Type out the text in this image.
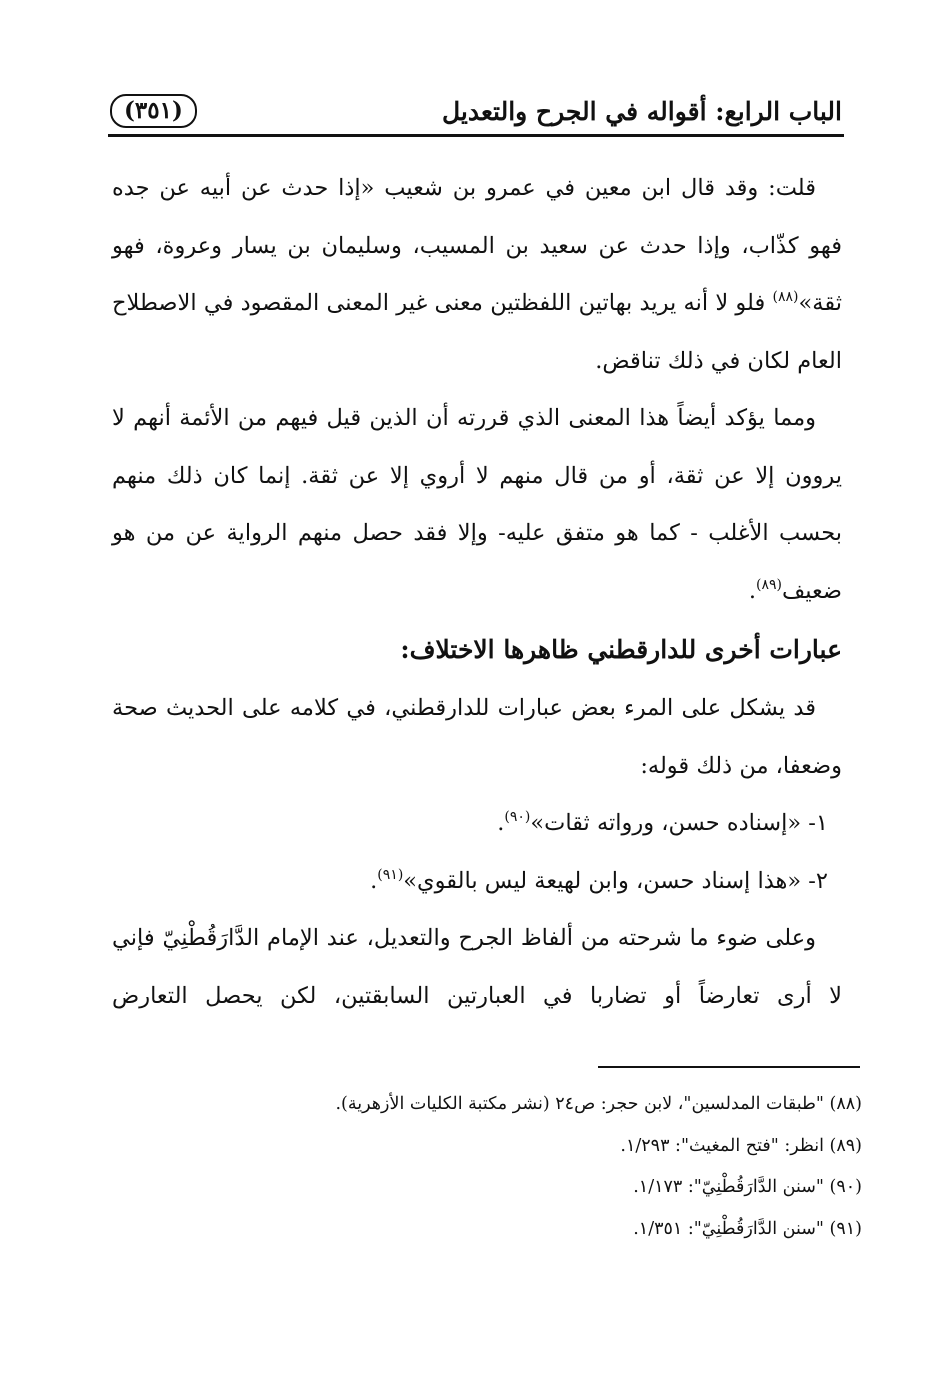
الباب الرابع: أقواله في الجرح والتعديل
(٣٥١)

قلت: وقد قال ابن معين في عمرو بن شعيب «إذا حدث عن أبيه عن جده فهو كذّاب، وإذا حدث عن سعيد بن المسيب، وسليمان بن يسار وعروة، فهو ثقة»$^{(٨٨)}$ فلو لا أنه يريد بهاتين اللفظتين معنى غير المعنى المقصود في الاصطلاح العام لكان في ذلك تناقض.

ومما يؤكد أيضاً هذا المعنى الذي قررته أن الذين قيل فيهم من الأئمة أنهم لا يروون إلا عن ثقة، أو من قال منهم لا أروي إلا عن ثقة. إنما كان ذلك منهم بحسب الأغلب - كما هو متفق عليه- وإلا فقد حصل منهم الرواية عن من هو ضعيف$^{(٨٩)}$.

عبارات أخرى للدارقطني ظاهرها الاختلاف:

قد يشكل على المرء بعض عبارات للدارقطني، في كلامه على الحديث صحة وضعفا، من ذلك قوله:

١- «إسناده حسن، ورواته ثقات»$^{(٩٠)}$.

٢- «هذا إسناد حسن، وابن لهيعة ليس بالقوي»$^{(٩١)}$.

وعلى ضوء ما شرحته من ألفاظ الجرح والتعديل، عند الإمام الدَّارَقُطْنِيّ فإني لا أرى تعارضاً أو تضاربا في العبارتين السابقتين، لكن يحصل التعارض

(٨٨) "طبقات المدلسين"، لابن حجر: ص٢٤ (نشر مكتبة الكليات الأزهرية).

(٨٩) انظر: "فتح المغيث": ١/٢٩٣.

(٩٠) "سنن الدَّارَقُطْنِيّ": ١/١٧٣.

(٩١) "سنن الدَّارَقُطْنِيّ": ١/٣٥١.
